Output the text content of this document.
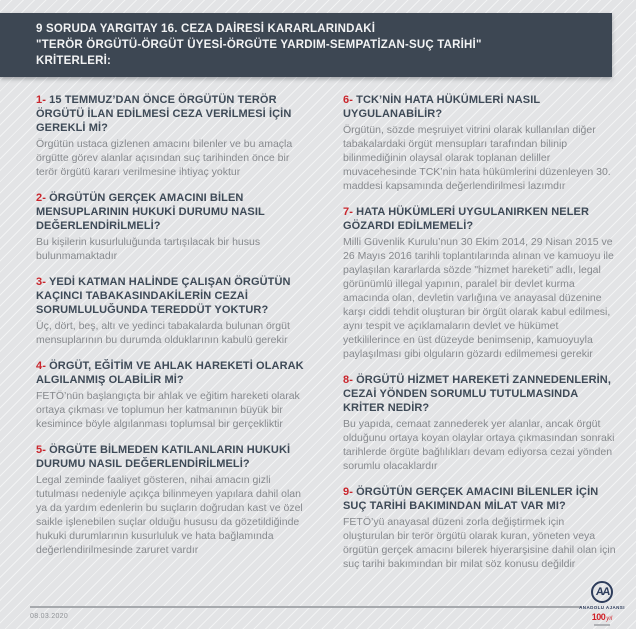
9 SORUDA YARGITAY 16. CEZA DAİRESİ KARARLARINDAKİ
"TERÖR ÖRGÜTÜ-ÖRGÜT ÜYESİ-ÖRGÜTE YARDIM-SEMPATİZAN-SUÇ TARİHİ"
KRİTERLERİ:
1- 15 TEMMUZ’DAN ÖNCE ÖRGÜTÜN TERÖR ÖRGÜTÜ İLAN EDİLMESİ CEZA VERİLMESİ İÇİN GEREKLİ Mİ?

Örgütün ustaca gizlenen amacını bilenler ve bu amaçla örgütte görev alanlar açısından suç tarihinden önce bir terör örgütü kararı verilmesine ihtiyaç yoktur

2- ÖRGÜTÜN GERÇEK AMACINI BİLEN MENSUPLARININ HUKUKİ DURUMU NASIL DEĞERLENDİRİLMELİ?

Bu kişilerin kusurluluğunda tartışılacak bir husus bulunmamaktadır

3- YEDİ KATMAN HALİNDE ÇALIŞAN ÖRGÜTÜN KAÇINCI TABAKASINDAKİLERİN CEZAİ SORUMLULUĞUNDA TEREDDÜT YOKTUR?

Üç, dört, beş, altı ve yedinci tabakalarda bulunan örgüt mensuplarının bu durumda olduklarının kabulü gerekir

4- ÖRGÜT, EĞİTİM VE AHLAK HAREKETİ OLARAK ALGILANMIŞ OLABİLİR Mİ?

FETÖ’nün başlangıçta bir ahlak ve eğitim hareketi olarak ortaya çıkması ve toplumun her katmanının büyük bir kesimince böyle algılanması toplumsal bir gerçekliktir

5- ÖRGÜTE BİLMEDEN KATILANLARIN HUKUKİ DURUMU NASIL DEĞERLENDİRİLMELİ?

Legal zeminde faaliyet gösteren, nihai amacın gizli tutulması nedeniyle açıkça bilinmeyen yapılara dahil olan ya da yardım edenlerin bu suçların doğrudan kast ve özel saikle işlenebilen suçlar olduğu hususu da gözetildiğinde hukuki durumlarının kusurluluk ve hata bağlamında değerlendirilmesinde zaruret vardır

6- TCK’NİN HATA HÜKÜMLERİ NASIL UYGULANABİLİR?

Örgütün, sözde meşruiyet vitrini olarak kullanılan diğer tabakalardaki örgüt mensupları tarafından bilinip bilinmediğinin olaysal olarak toplanan deliller muvacehesinde TCK’nin hata hükümlerini düzenleyen 30. maddesi kapsamında değerlendirilmesi lazımdır

7- HATA HÜKÜMLERİ UYGULANIRKEN NELER GÖZARDI EDİLMEMELİ?

Milli Güvenlik Kurulu’nun 30 Ekim 2014, 29 Nisan 2015 ve 26 Mayıs 2016 tarihli toplantılarında alınan ve kamuoyu ile paylaşılan kararlarda sözde "hizmet hareketi" adlı, legal görünümlü illegal yapının, paralel bir devlet kurma amacında olan, devletin varlığına ve anayasal düzenine karşı ciddi tehdit oluşturan bir örgüt olarak kabul edilmesi, aynı tespit ve açıklamaların devlet ve hükümet yetkililerince en üst düzeyde benimsenip, kamuoyuyla paylaşılması gibi olguların gözardı edilmemesi gerekir

8- ÖRGÜTÜ HİZMET HAREKETİ ZANNEDENLERİN, CEZAİ YÖNDEN SORUMLU TUTULMASINDA KRİTER NEDİR?

Bu yapıda, cemaat zannederek yer alanlar, ancak örgüt olduğunu ortaya koyan olaylar ortaya çıkmasından sonraki tarihlerde örgüte bağlılıkları devam ediyorsa cezai yönden sorumlu olacaklardır

9- ÖRGÜTÜN GERÇEK AMACINI BİLENLER İÇİN SUÇ TARİHİ BAKIMINDAN MİLAT VAR MI?

FETÖ’yü anayasal düzeni zorla değiştirmek için oluşturulan bir terör örgütü olarak kuran, yöneten veya örgütün gerçek amacını bilerek hiyerarşisine dahil olan için suç tarihi bakımından bir milat söz konusu değildir

08.03.2020
AA
ANADOLU AJANSI
100yıl
